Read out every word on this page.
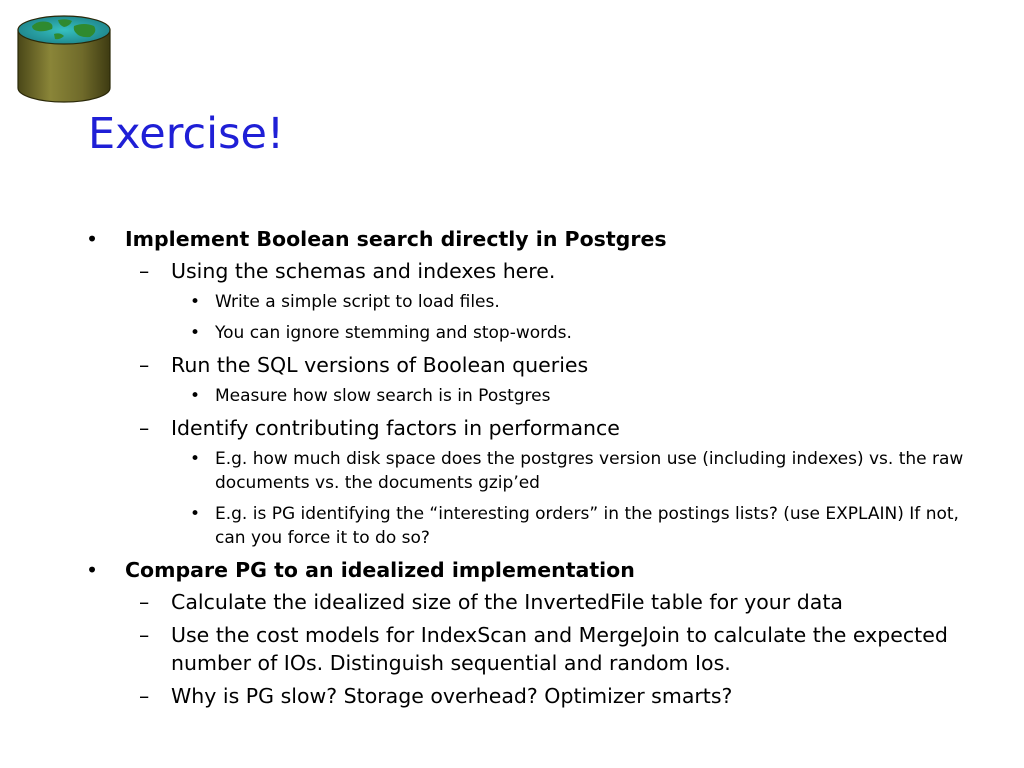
Exercise!
• Implement Boolean search directly in Postgres
– Using the schemas and indexes here.
• Write a simple script to load files.
• You can ignore stemming and stop-words.
– Run the SQL versions of Boolean queries
• Measure how slow search is in Postgres
– Identify contributing factors in performance
• E.g. how much disk space does the postgres version use (including indexes) vs. the raw documents vs. the documents gzip’ed
• E.g. is PG identifying the “interesting orders” in the postings lists? (use EXPLAIN) If not, can you force it to do so?
• Compare PG to an idealized implementation
– Calculate the idealized size of the InvertedFile table for your data
– Use the cost models for IndexScan and MergeJoin to calculate the expected number of IOs. Distinguish sequential and random Ios.
– Why is PG slow? Storage overhead? Optimizer smarts?
